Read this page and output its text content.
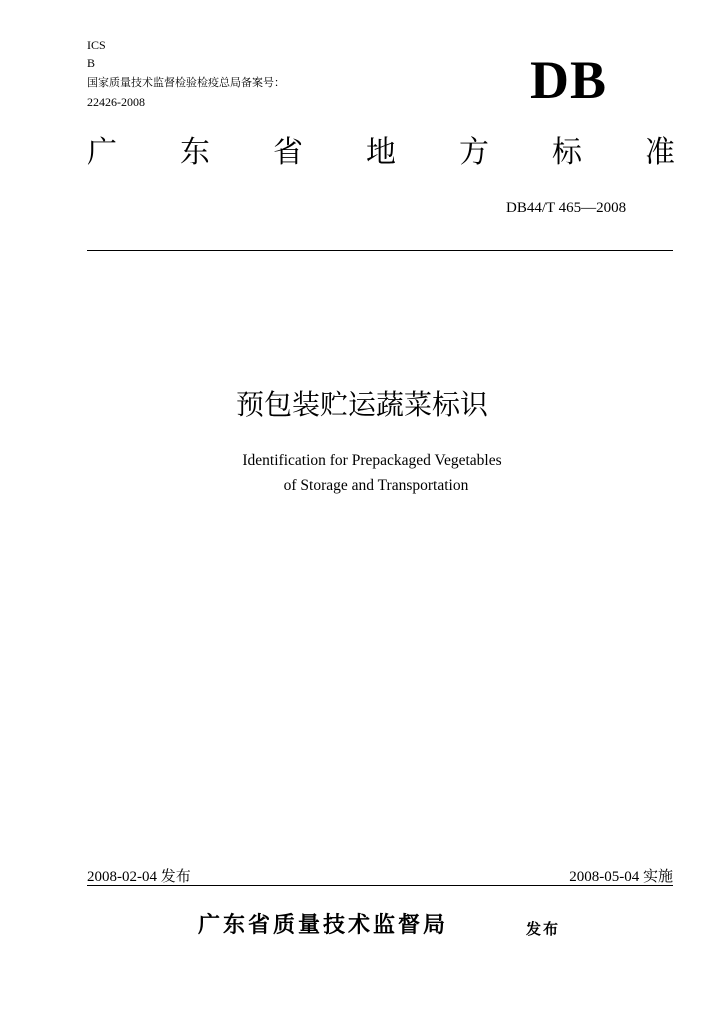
ICS
B
国家质量技术监督检验检疫总局备案号：
22426-2008	DB
广 东 省 地 方 标 准
DB44/T 465—2008
预包装贮运蔬菜标识
Identification for Prepackaged Vegetables
of Storage and Transportation
2008-02-04 发布	2008-05-04 实施
广东省质量技术监督局	发布
